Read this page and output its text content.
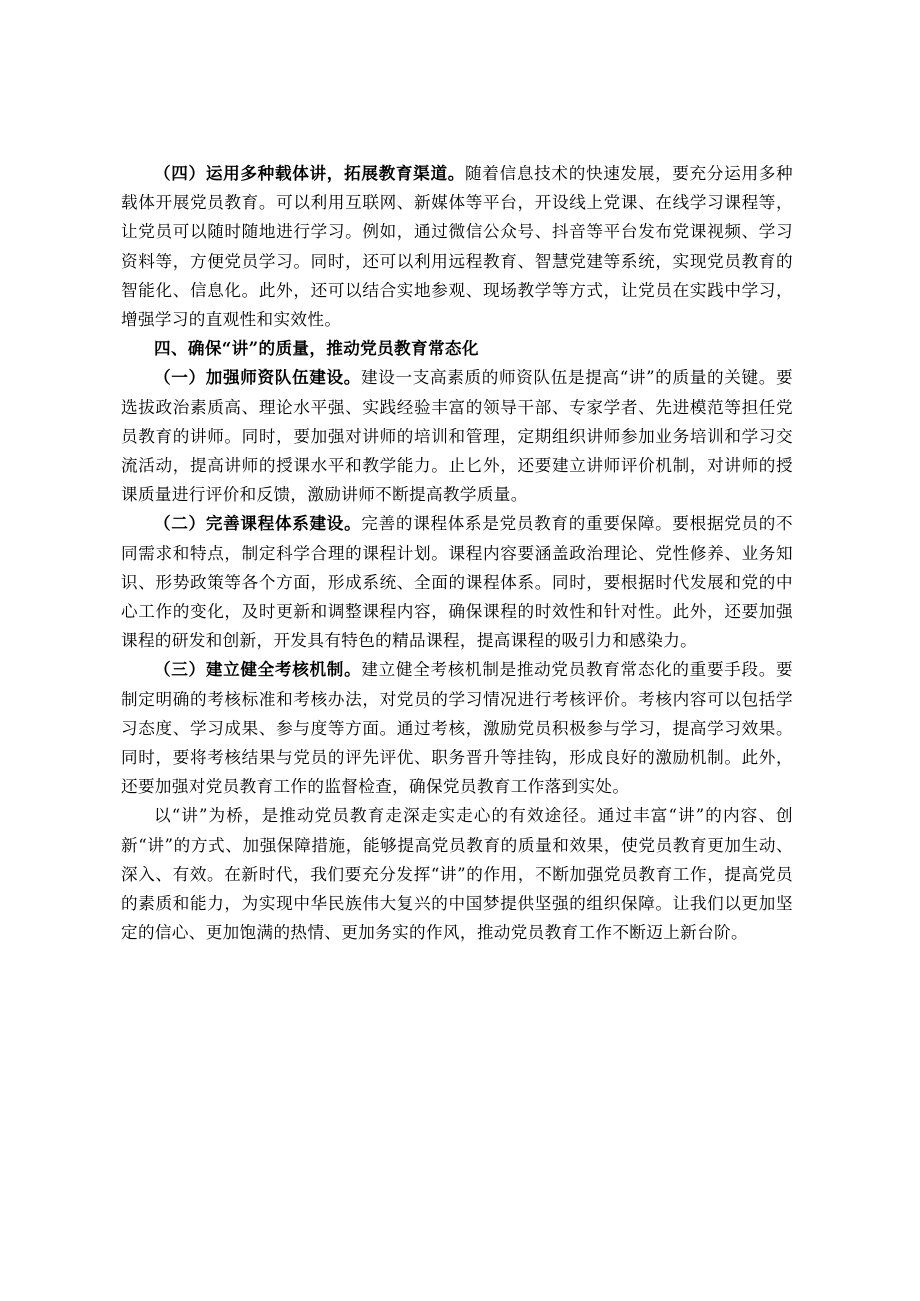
（四）运用多种载体讲，拓展教育渠道。随着信息技术的快速发展，要充分运用多种载体开展党员教育。可以利用互联网、新媒体等平台，开设线上党课、在线学习课程等，让党员可以随时随地进行学习。例如，通过微信公众号、抖音等平台发布党课视频、学习资料等，方便党员学习。同时，还可以利用远程教育、智慧党建等系统，实现党员教育的智能化、信息化。此外，还可以结合实地参观、现场教学等方式，让党员在实践中学习，增强学习的直观性和实效性。

四、确保“讲”的质量，推动党员教育常态化

（一）加强师资队伍建设。建设一支高素质的师资队伍是提高“讲”的质量的关键。要选拔政治素质高、理论水平强、实践经验丰富的领导干部、专家学者、先进模范等担任党员教育的讲师。同时，要加强对讲师的培训和管理，定期组织讲师参加业务培训和学习交流活动，提高讲师的授课水平和教学能力。止匕外，还要建立讲师评价机制，对讲师的授课质量进行评价和反馈，激励讲师不断提高教学质量。

（二）完善课程体系建设。完善的课程体系是党员教育的重要保障。要根据党员的不同需求和特点，制定科学合理的课程计划。课程内容要涵盖政治理论、党性修养、业务知识、形势政策等各个方面，形成系统、全面的课程体系。同时，要根据时代发展和党的中心工作的变化，及时更新和调整课程内容，确保课程的时效性和针对性。此外，还要加强课程的研发和创新，开发具有特色的精品课程，提高课程的吸引力和感染力。

（三）建立健全考核机制。建立健全考核机制是推动党员教育常态化的重要手段。要制定明确的考核标准和考核办法，对党员的学习情况进行考核评价。考核内容可以包括学习态度、学习成果、参与度等方面。通过考核，激励党员积极参与学习，提高学习效果。同时，要将考核结果与党员的评先评优、职务晋升等挂钩，形成良好的激励机制。此外，还要加强对党员教育工作的监督检查，确保党员教育工作落到实处。

以“讲”为桥，是推动党员教育走深走实走心的有效途径。通过丰富“讲”的内容、创新“讲”的方式、加强保障措施，能够提高党员教育的质量和效果，使党员教育更加生动、深入、有效。在新时代，我们要充分发挥“讲”的作用，不断加强党员教育工作，提高党员的素质和能力，为实现中华民族伟大复兴的中国梦提供坚强的组织保障。让我们以更加坚定的信心、更加饱满的热情、更加务实的作风，推动党员教育工作不断迈上新台阶。
